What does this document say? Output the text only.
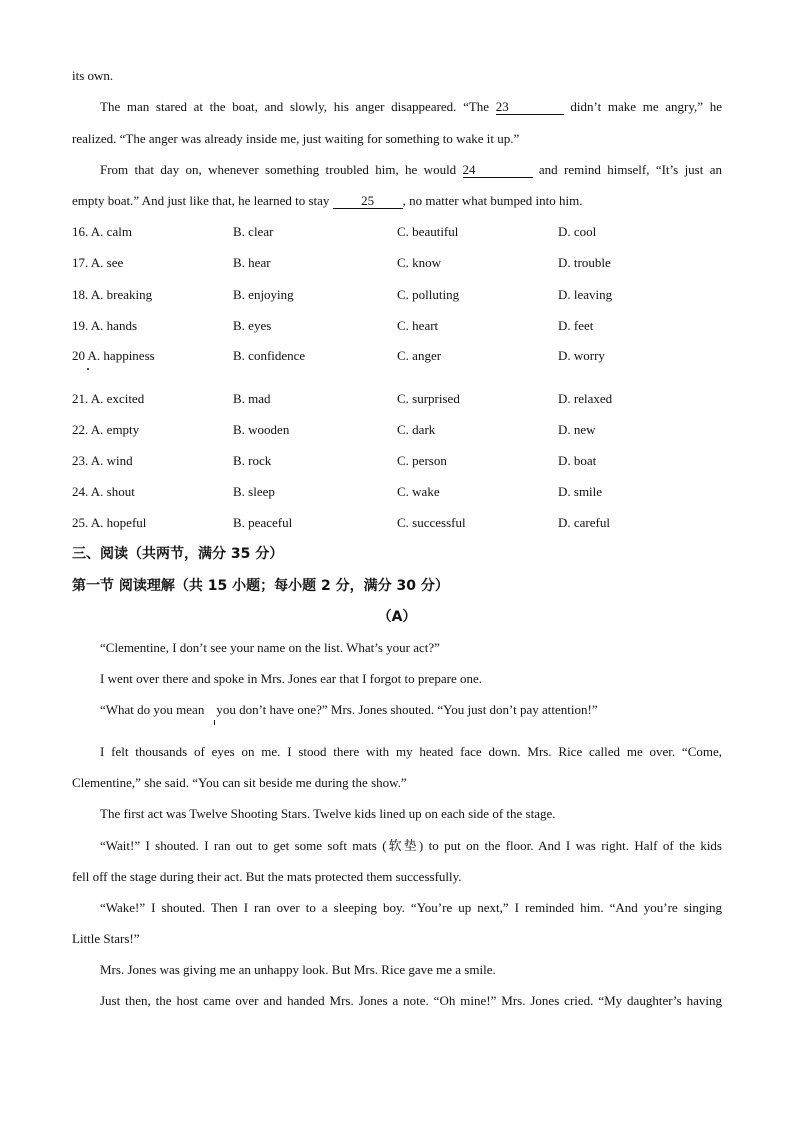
its own.
The man stared at the boat, and slowly, his anger disappeared. “The 23	didn’t make me angry,” he
realized. “The anger was already inside me, just waiting for something to wake it up.”
From that day on, whenever something troubled him, he would 24	and remind himself, “It’s just an
empty boat.” And just like that, he learned to stay 25 , no matter what bumped into him.
16. A. calm	B. clear	C. beautiful	D. cool
17. A. see	B. hear	C. know	D. trouble
18. A. breaking	B. enjoying	C. polluting	D. leaving
19. A. hands	B. eyes	C. heart	D. feet
20 A. happiness	B. confidence	C. anger	D. worry
21. A. excited	B. mad	C. surprised	D. relaxed
22. A. empty	B. wooden	C. dark	D. new
23. A. wind	B. rock	C. person	D. boat
24. A. shout	B. sleep	C. wake	D. smile
25. A. hopeful	B. peaceful	C. successful	D. careful
三、阅读（共两节，满分 35 分）
第一节 阅读理解（共 15 小题；每小题 2 分，满分 30 分）
（A）
“Clementine, I don’t see your name on the list. What’s your act?”
I went over there and spoke in Mrs. Jones ear that I forgot to prepare one.
“What do you mean you don’t have one?” Mrs. Jones shouted. “You just don’t pay attention!”
I felt thousands of eyes on me. I stood there with my heated face down. Mrs. Rice called me over. “Come,
Clementine,” she said. “You can sit beside me during the show.”
The first act was Twelve Shooting Stars. Twelve kids lined up on each side of the stage.
“Wait!” I shouted. I ran out to get some soft mats (软垫) to put on the floor. And I was right. Half of the kids
fell off the stage during their act. But the mats protected them successfully.
“Wake!” I shouted. Then I ran over to a sleeping boy. “You’re up next,” I reminded him. “And you’re singing
Little Stars!”
Mrs. Jones was giving me an unhappy look. But Mrs. Rice gave me a smile.
Just then, the host came over and handed Mrs. Jones a note. “Oh mine!” Mrs. Jones cried. “My daughter’s having
